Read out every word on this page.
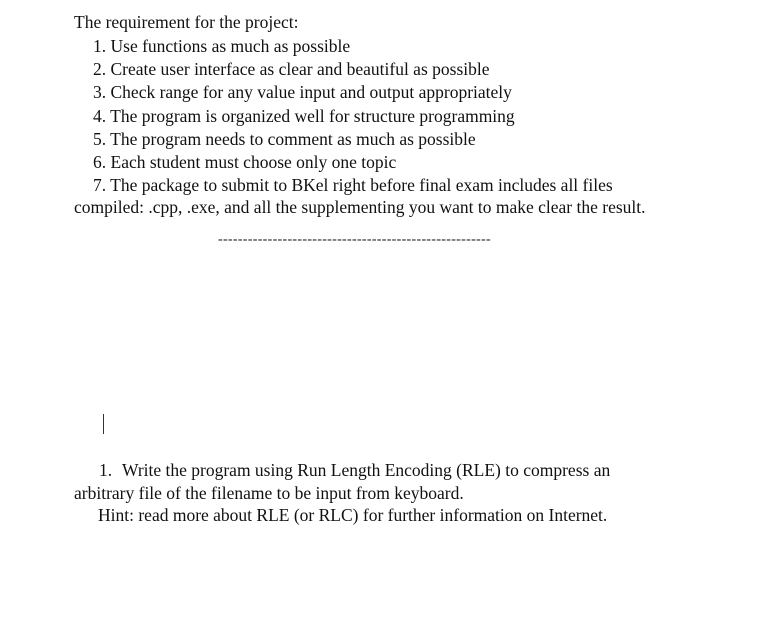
The requirement for the project:
1. Use functions as much as possible
2. Create user interface as clear and beautiful as possible
3. Check range for any value input and output appropriately
4. The program is organized well for structure programming
5. The program needs to comment as much as possible
6. Each student must choose only one topic
7. The package to submit to BKel right before final exam includes all files
compiled: .cpp, .exe, and all the supplementing you want to make clear the result.
-------------------------------------------------------
1. Write the program using Run Length Encoding (RLE) to compress an
arbitrary file of the filename to be input from keyboard.
Hint: read more about RLE (or RLC) for further information on Internet.
